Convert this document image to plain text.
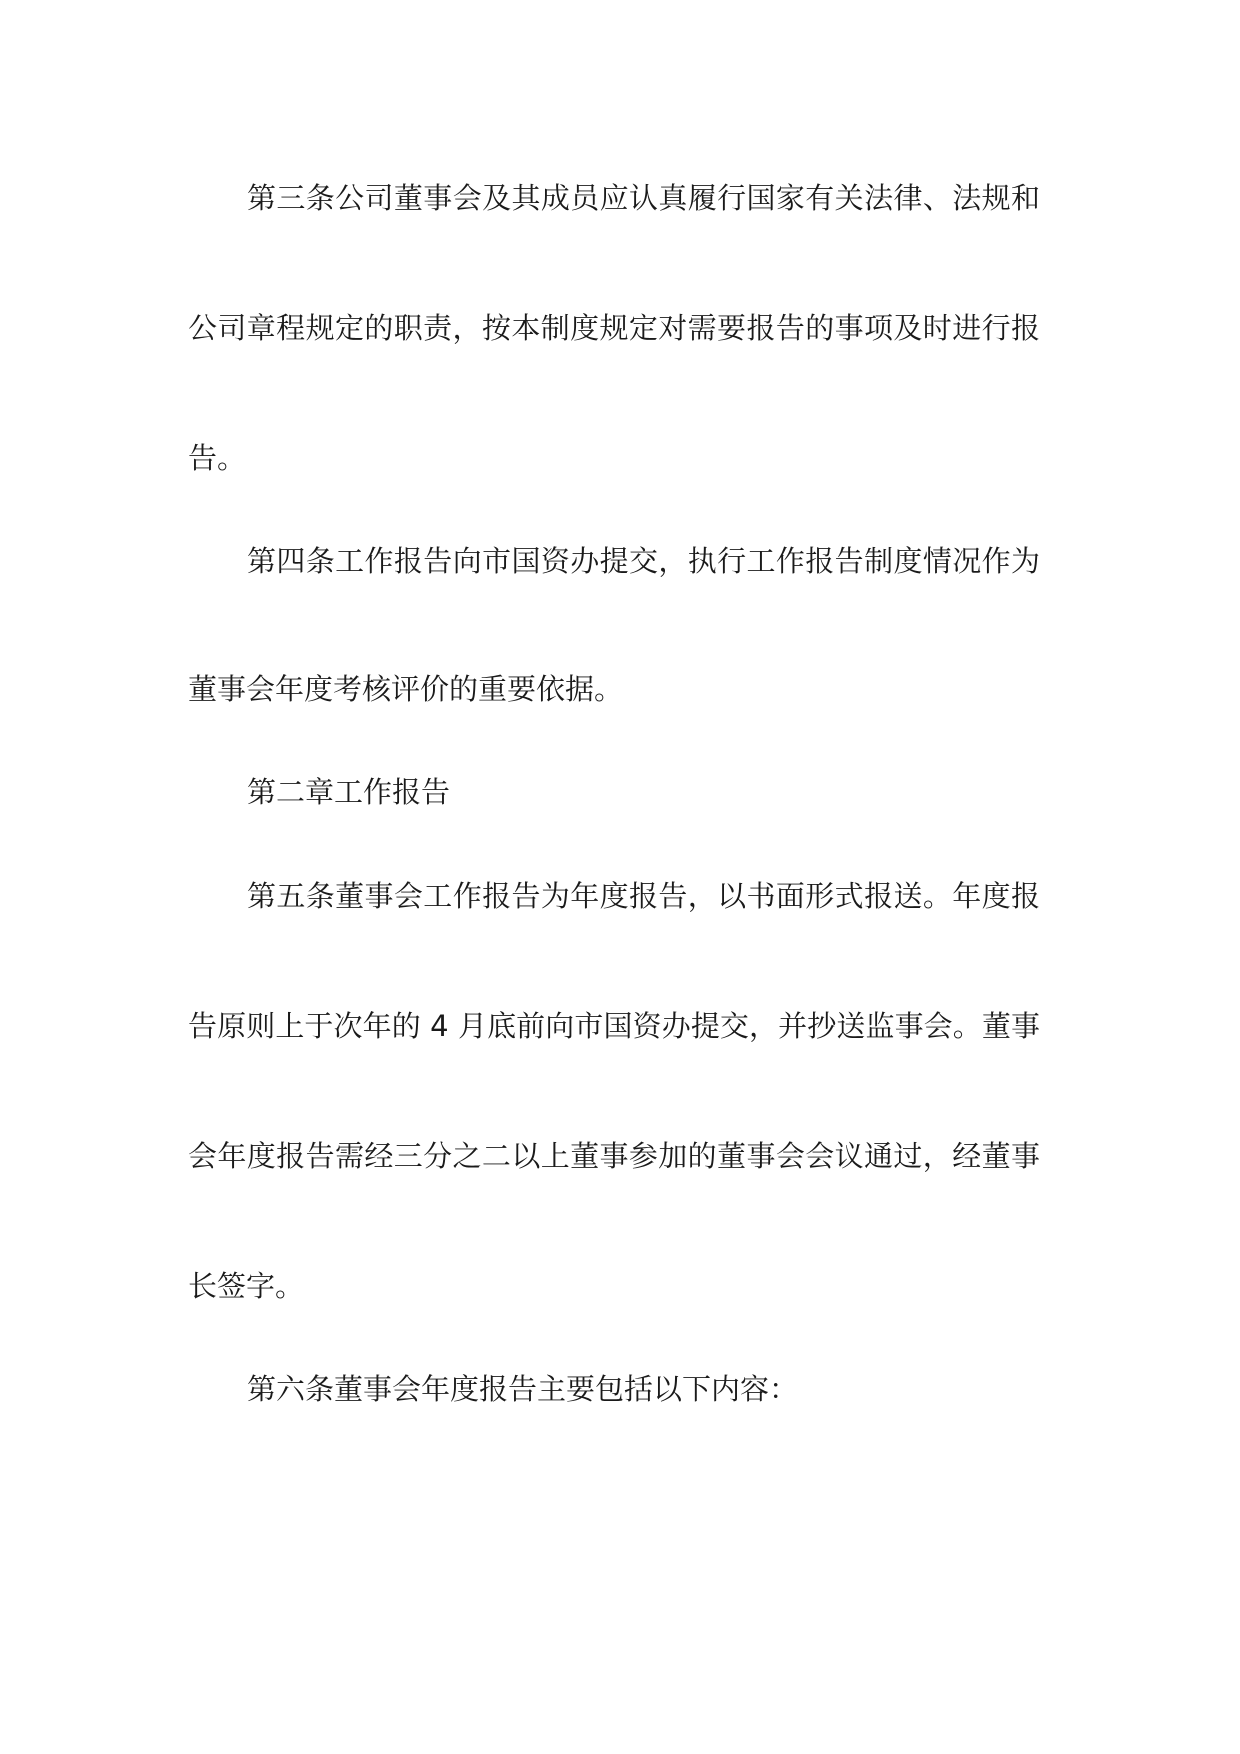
第三条公司董事会及其成员应认真履行国家有关法律、法规和
公司章程规定的职责，按本制度规定对需要报告的事项及时进行报
告。
第四条工作报告向市国资办提交，执行工作报告制度情况作为
董事会年度考核评价的重要依据。
第二章工作报告
第五条董事会工作报告为年度报告，以书面形式报送。年度报
告原则上于次年的 4 月底前向市国资办提交，并抄送监事会。董事
会年度报告需经三分之二以上董事参加的董事会会议通过，经董事
长签字。
第六条董事会年度报告主要包括以下内容：
